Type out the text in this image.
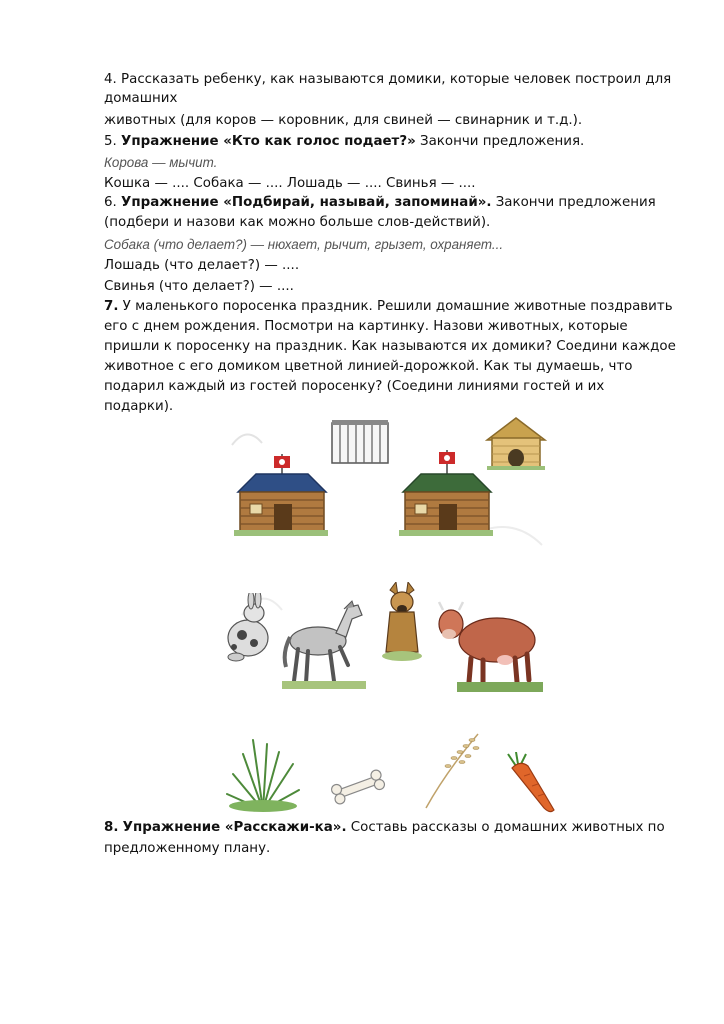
4. Рассказать ребенку, как называются домики, которые человек построил для
домашних
животных (для коров — коровник, для свиней — свинарник и т.д.).
5. Упражнение «Кто как голос подает?» Закончи предложения.
Корова — мычит.
Кошка — .... Собака — .... Лошадь — .... Свинья — ....
6. Упражнение «Подбирай, называй, запоминай». Закончи предложения
(подбери и назови как можно больше слов-действий).
Собака (что делает?) — нюхает, рычит, грызет, охраняет...
Лошадь (что делает?) — ....
Свинья (что делает?) — ....
7. У маленького поросенка праздник. Решили домашние животные поздравить
его с днем рождения. Посмотри на картинку. Назови животных, которые
пришли к поросенку на праздник. Как называются их домики? Соедини каждое
животное с его домиком цветной линией-дорожкой. Как ты думаешь, что
подарил каждый из гостей поросенку? (Соедини линиями гостей и их
подарки).
8. Упражнение «Расскажи-ка». Составь рассказы о домашних животных по
предложенному плану.
